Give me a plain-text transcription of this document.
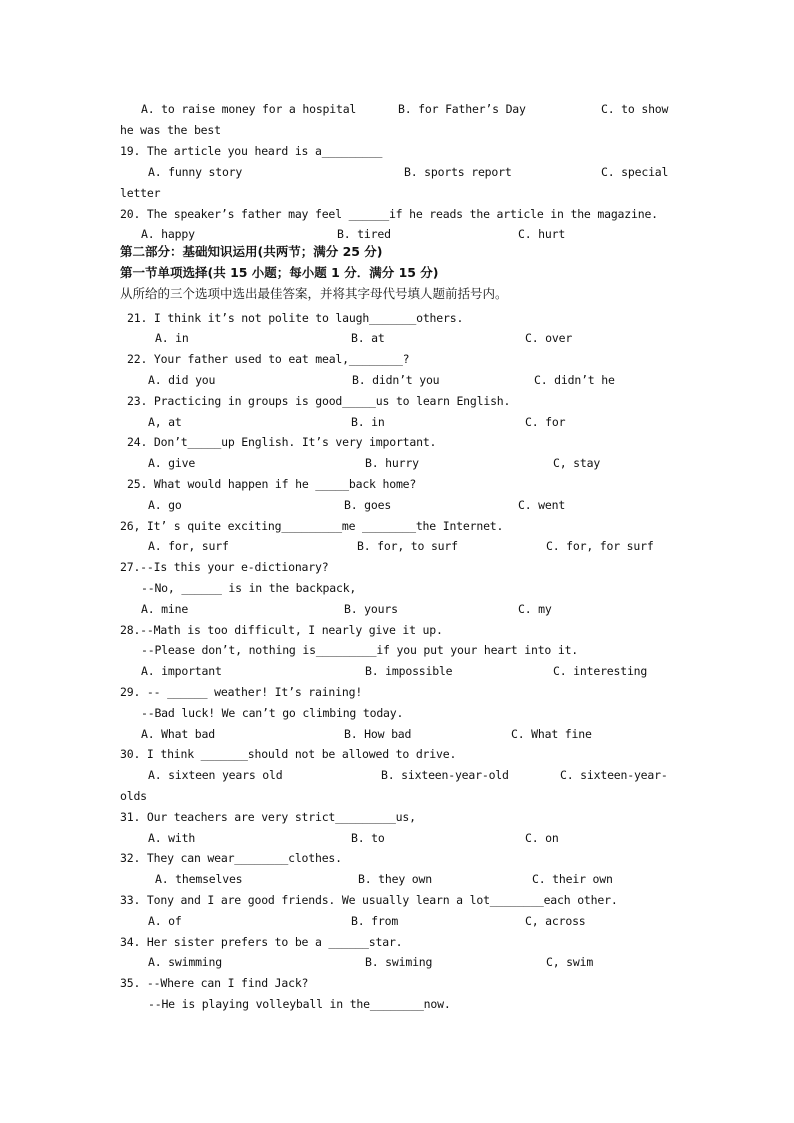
A. to raise money for a hospital	B. for Father’s Day	C. to show
he was the best
19. The article you heard is a_________
A. funny story	B. sports report	C. special
letter
20. The speaker’s father may feel ______if he reads the article in the magazine.
A. happy	B. tired	C. hurt
第二部分：基础知识运用(共两节；满分 25 分)
第一节单项选择(共 15 小题；每小题 1 分．满分 15 分)
从所给的三个选项中选出最佳答案，并将其字母代号填人题前括号内。
21. I think it’s not polite to laugh_______others.
A. in	B. at	C. over
22. Your father used to eat meal,________?
A. did you	B. didn’t you	C. didn’t he
23. Practicing in groups is good_____us to learn English.
A, at	B. in	C. for
24. Don’t_____up English. It’s very important.
A. give	B. hurry	C, stay
25. What would happen if he _____back home?
A. go	B. goes	C. went
26, It’ s quite exciting_________me ________the Internet.
A. for, surf	B. for, to surf	C. for, for surf
27.--Is this your e-dictionary?
--No, ______ is in the backpack,
A. mine	B. yours	C. my
28.--Math is too difficult, I nearly give it up.
--Please don’t, nothing is_________if you put your heart into it.
A. important	B. impossible	C. interesting
29. -- ______ weather! It’s raining!
--Bad luck! We can’t go climbing today.
A. What bad	B. How bad	C. What fine
30. I think _______should not be allowed to drive.
A. sixteen years old	B. sixteen-year-old	C. sixteen-year-
olds
31. Our teachers are very strict_________us,
A. with	B. to	C. on
32. They can wear________clothes.
A. themselves	B. they own	C. their own
33. Tony and I are good friends. We usually learn a lot________each other.
A. of	B. from	C, across
34. Her sister prefers to be a ______star.
A. swimming	B. swiming	C, swim
35. --Where can I find Jack?
--He is playing volleyball in the________now.
